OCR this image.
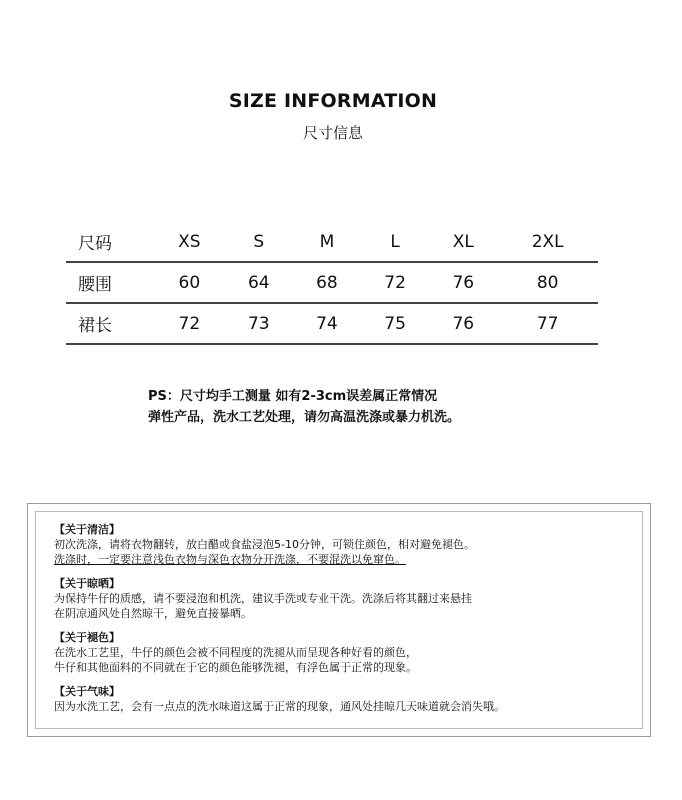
SIZE INFORMATION
尺寸信息
尺码	XS	S	M	L	XL	2XL
腰围	60	64	68	72	76	80
裙长	72	73	74	75	76	77
PS：尺寸均手工测量 如有2-3cm误差属正常情况
弹性产品，洗水工艺处理，请勿高温洗涤或暴力机洗。
【关于清洁】
初次洗涤，请将衣物翻转，放白醋或食盐浸泡5-10分钟，可锁住颜色，相对避免褪色。
洗涤时，一定要注意浅色衣物与深色衣物分开洗涤，不要混洗以免窜色。
【关于晾晒】
为保持牛仔的质感，请不要浸泡和机洗，建议手洗或专业干洗。洗涤后将其翻过来悬挂
在阴凉通风处自然晾干，避免直接暴晒。
【关于褪色】
在洗水工艺里，牛仔的颜色会被不同程度的洗褪从而呈现各种好看的颜色，
牛仔和其他面料的不同就在于它的颜色能够洗褪，有浮色属于正常的现象。
【关于气味】
因为水洗工艺，会有一点点的洗水味道这属于正常的现象，通风处挂晾几天味道就会消失哦。
